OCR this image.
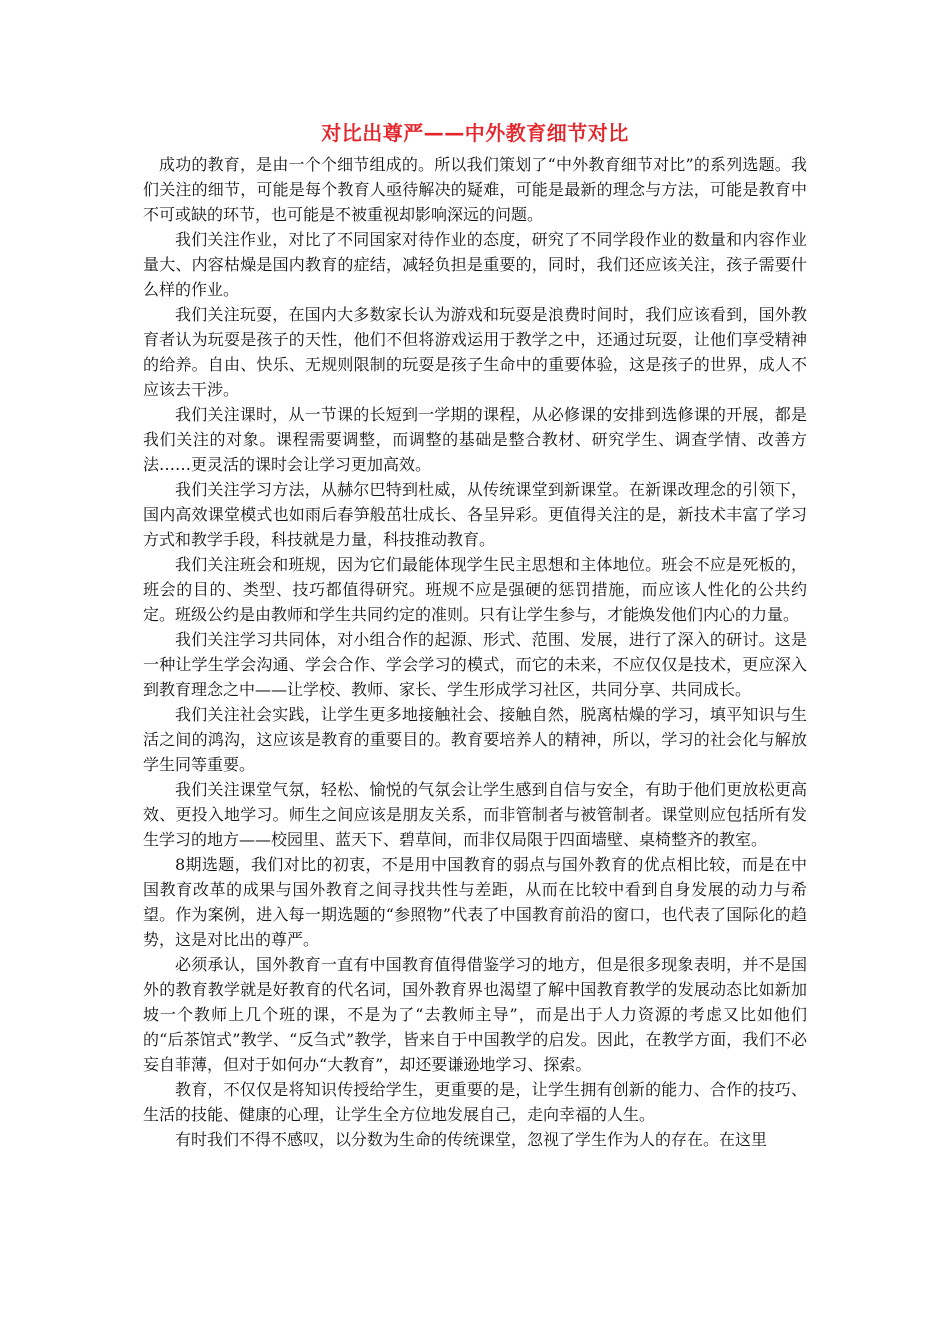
对比出尊严——中外教育细节对比

成功的教育，是由一个个细节组成的。所以我们策划了“中外教育细节对比”的系列选题。我们关注的细节，可能是每个教育人亟待解决的疑难，可能是最新的理念与方法，可能是教育中不可或缺的环节，也可能是不被重视却影响深远的问题。

我们关注作业，对比了不同国家对待作业的态度，研究了不同学段作业的数量和内容作业量大、内容枯燥是国内教育的症结，减轻负担是重要的，同时，我们还应该关注，孩子需要什么样的作业。

我们关注玩耍，在国内大多数家长认为游戏和玩耍是浪费时间时，我们应该看到，国外教育者认为玩耍是孩子的天性，他们不但将游戏运用于教学之中，还通过玩耍，让他们享受精神的给养。自由、快乐、无规则限制的玩耍是孩子生命中的重要体验，这是孩子的世界，成人不应该去干涉。

我们关注课时，从一节课的长短到一学期的课程，从必修课的安排到选修课的开展，都是我们关注的对象。课程需要调整，而调整的基础是整合教材、研究学生、调查学情、改善方法……更灵活的课时会让学习更加高效。

我们关注学习方法，从赫尔巴特到杜威，从传统课堂到新课堂。在新课改理念的引领下，国内高效课堂模式也如雨后春笋般茁壮成长、各呈异彩。更值得关注的是，新技术丰富了学习方式和教学手段，科技就是力量，科技推动教育。

我们关注班会和班规，因为它们最能体现学生民主思想和主体地位。班会不应是死板的，班会的目的、类型、技巧都值得研究。班规不应是强硬的惩罚措施，而应该人性化的公共约定。班级公约是由教师和学生共同约定的准则。只有让学生参与，才能焕发他们内心的力量。

我们关注学习共同体，对小组合作的起源、形式、范围、发展，进行了深入的研讨。这是一种让学生学会沟通、学会合作、学会学习的模式，而它的未来，不应仅仅是技术，更应深入到教育理念之中——让学校、教师、家长、学生形成学习社区，共同分享、共同成长。

我们关注社会实践，让学生更多地接触社会、接触自然，脱离枯燥的学习，填平知识与生活之间的鸿沟，这应该是教育的重要目的。教育要培养人的精神，所以，学习的社会化与解放学生同等重要。

我们关注课堂气氛，轻松、愉悦的气氛会让学生感到自信与安全，有助于他们更放松更高效、更投入地学习。师生之间应该是朋友关系，而非管制者与被管制者。课堂则应包括所有发生学习的地方——校园里、蓝天下、碧草间，而非仅局限于四面墙壁、桌椅整齐的教室。

8期选题，我们对比的初衷，不是用中国教育的弱点与国外教育的优点相比较，而是在中国教育改革的成果与国外教育之间寻找共性与差距，从而在比较中看到自身发展的动力与希望。作为案例，进入每一期选题的“参照物”代表了中国教育前沿的窗口，也代表了国际化的趋势，这是对比出的尊严。

必须承认，国外教育一直有中国教育值得借鉴学习的地方，但是很多现象表明，并不是国外的教育教学就是好教育的代名词，国外教育界也渴望了解中国教育教学的发展动态比如新加坡一个教师上几个班的课，不是为了“去教师主导”，而是出于人力资源的考虑又比如他们的“后茶馆式”教学、“反刍式”教学，皆来自于中国教学的启发。因此，在教学方面，我们不必妄自菲薄，但对于如何办“大教育”，却还要谦逊地学习、探索。

教育，不仅仅是将知识传授给学生，更重要的是，让学生拥有创新的能力、合作的技巧、生活的技能、健康的心理，让学生全方位地发展自己，走向幸福的人生。

有时我们不得不感叹，以分数为生命的传统课堂，忽视了学生作为人的存在。在这里
